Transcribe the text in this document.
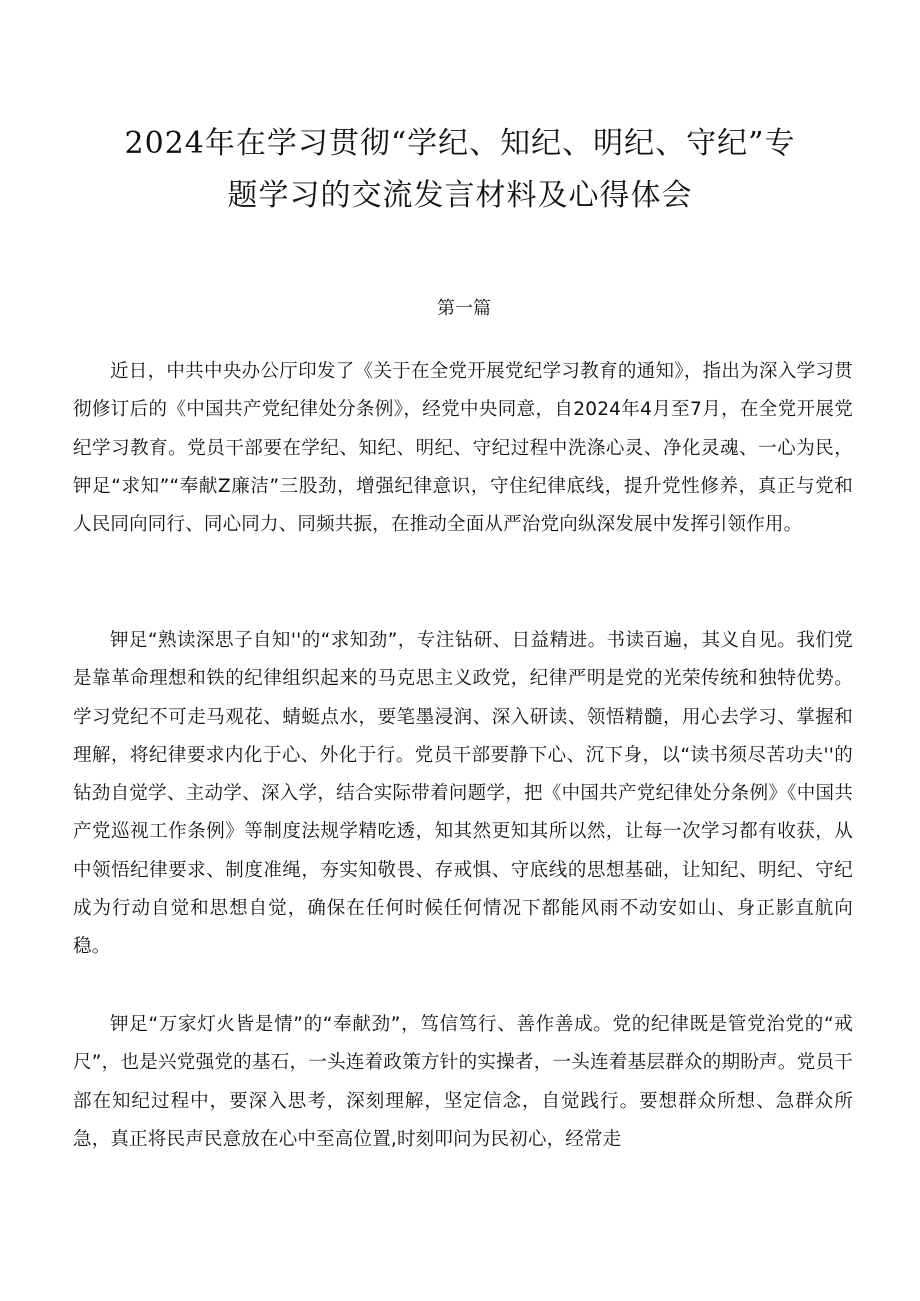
2024年在学习贯彻“学纪、知纪、明纪、守纪”专
题学习的交流发言材料及心得体会
第一篇

近日，中共中央办公厅印发了《关于在全党开展党纪学习教育的通知》，指出为深入学习贯彻修订后的《中国共产党纪律处分条例》，经党中央同意，自2024年4月至7月，在全党开展党纪学习教育。党员干部要在学纪、知纪、明纪、守纪过程中洗涤心灵、净化灵魂、一心为民，钾足“求知”“奉献Z廉洁”三股劲，增强纪律意识，守住纪律底线，提升党性修养，真正与党和人民同向同行、同心同力、同频共振，在推动全面从严治党向纵深发展中发挥引领作用。

钾足“熟读深思子自知''的“求知劲”，专注钻研、日益精进。书读百遍，其义自见。我们党是靠革命理想和铁的纪律组织起来的马克思主义政党，纪律严明是党的光荣传统和独特优势。学习党纪不可走马观花、蜻蜓点水，要笔墨浸润、深入研读、领悟精髓，用心去学习、掌握和理解，将纪律要求内化于心、外化于行。党员干部要静下心、沉下身，以“读书须尽苦功夫''的钻劲自觉学、主动学、深入学，结合实际带着问题学，把《中国共产党纪律处分条例》《中国共产党巡视工作条例》等制度法规学精吃透，知其然更知其所以然，让每一次学习都有收获，从中领悟纪律要求、制度准绳，夯实知敬畏、存戒惧、守底线的思想基础，让知纪、明纪、守纪成为行动自觉和思想自觉，确保在任何时候任何情况下都能风雨不动安如山、身正影直航向稳。

钾足“万家灯火皆是情”的“奉献劲”，笃信笃行、善作善成。党的纪律既是管党治党的“戒尺”，也是兴党强党的基石，一头连着政策方针的实操者，一头连着基层群众的期盼声。党员干部在知纪过程中，要深入思考，深刻理解，坚定信念，自觉践行。要想群众所想、急群众所急，真正将民声民意放在心中至高位置,时刻叩问为民初心，经常走
